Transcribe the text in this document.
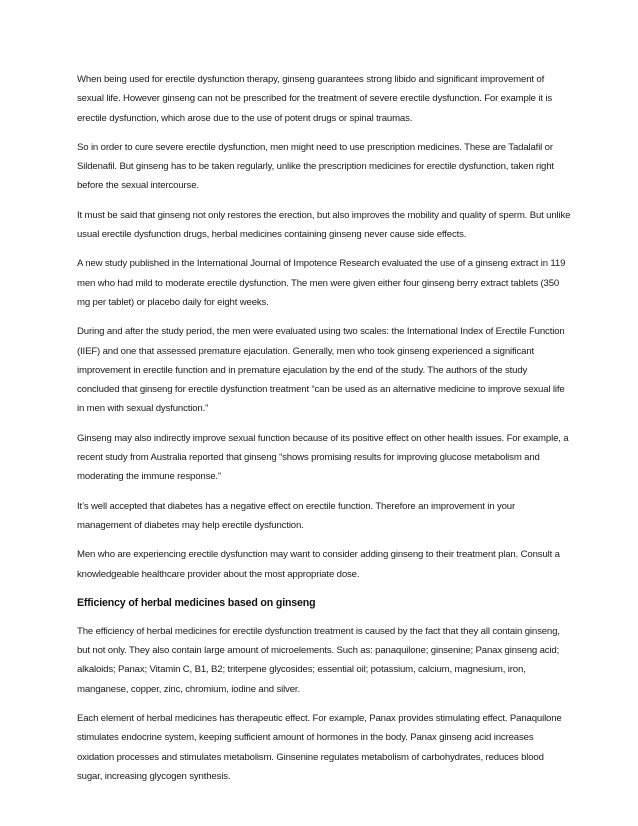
When being used for erectile dysfunction therapy, ginseng guarantees strong libido and significant improvement of sexual life. However ginseng can not be prescribed for the treatment of severe erectile dysfunction. For example it is erectile dysfunction, which arose due to the use of potent drugs or spinal traumas.

So in order to cure severe erectile dysfunction, men might need to use prescription medicines. These are Tadalafil or Sildenafil. But ginseng has to be taken regularly, unlike the prescription medicines for erectile dysfunction, taken right before the sexual intercourse.

It must be said that ginseng not only restores the erection, but also improves the mobility and quality of sperm. But unlike usual erectile dysfunction drugs, herbal medicines containing ginseng never cause side effects.

A new study published in the International Journal of Impotence Research evaluated the use of a ginseng extract in 119 men who had mild to moderate erectile dysfunction. The men were given either four ginseng berry extract tablets (350 mg per tablet) or placebo daily for eight weeks.

During and after the study period, the men were evaluated using two scales: the International Index of Erectile Function (IIEF) and one that assessed premature ejaculation. Generally, men who took ginseng experienced a significant improvement in erectile function and in premature ejaculation by the end of the study. The authors of the study concluded that ginseng for erectile dysfunction treatment “can be used as an alternative medicine to improve sexual life in men with sexual dysfunction.”

Ginseng may also indirectly improve sexual function because of its positive effect on other health issues. For example, a recent study from Australia reported that ginseng “shows promising results for improving glucose metabolism and moderating the immune response.”

It’s well accepted that diabetes has a negative effect on erectile function. Therefore an improvement in your management of diabetes may help erectile dysfunction.

Men who are experiencing erectile dysfunction may want to consider adding ginseng to their treatment plan. Consult a knowledgeable healthcare provider about the most appropriate dose.

Efficiency of herbal medicines based on ginseng

The efficiency of herbal medicines for erectile dysfunction treatment is caused by the fact that they all contain ginseng, but not only. They also contain large amount of microelements. Such as: panaquilone; ginsenine; Panax ginseng acid; alkaloids; Panax; Vitamin C, B1, B2; triterpene glycosides; essential oil; potassium, calcium, magnesium, iron, manganese, copper, zinc, chromium, iodine and silver.

Each element of herbal medicines has therapeutic effect. For example, Panax provides stimulating effect. Panaquilone stimulates endocrine system, keeping sufficient amount of hormones in the body. Panax ginseng acid increases oxidation processes and stimulates metabolism. Ginsenine regulates metabolism of carbohydrates, reduces blood sugar, increasing glycogen synthesis.
